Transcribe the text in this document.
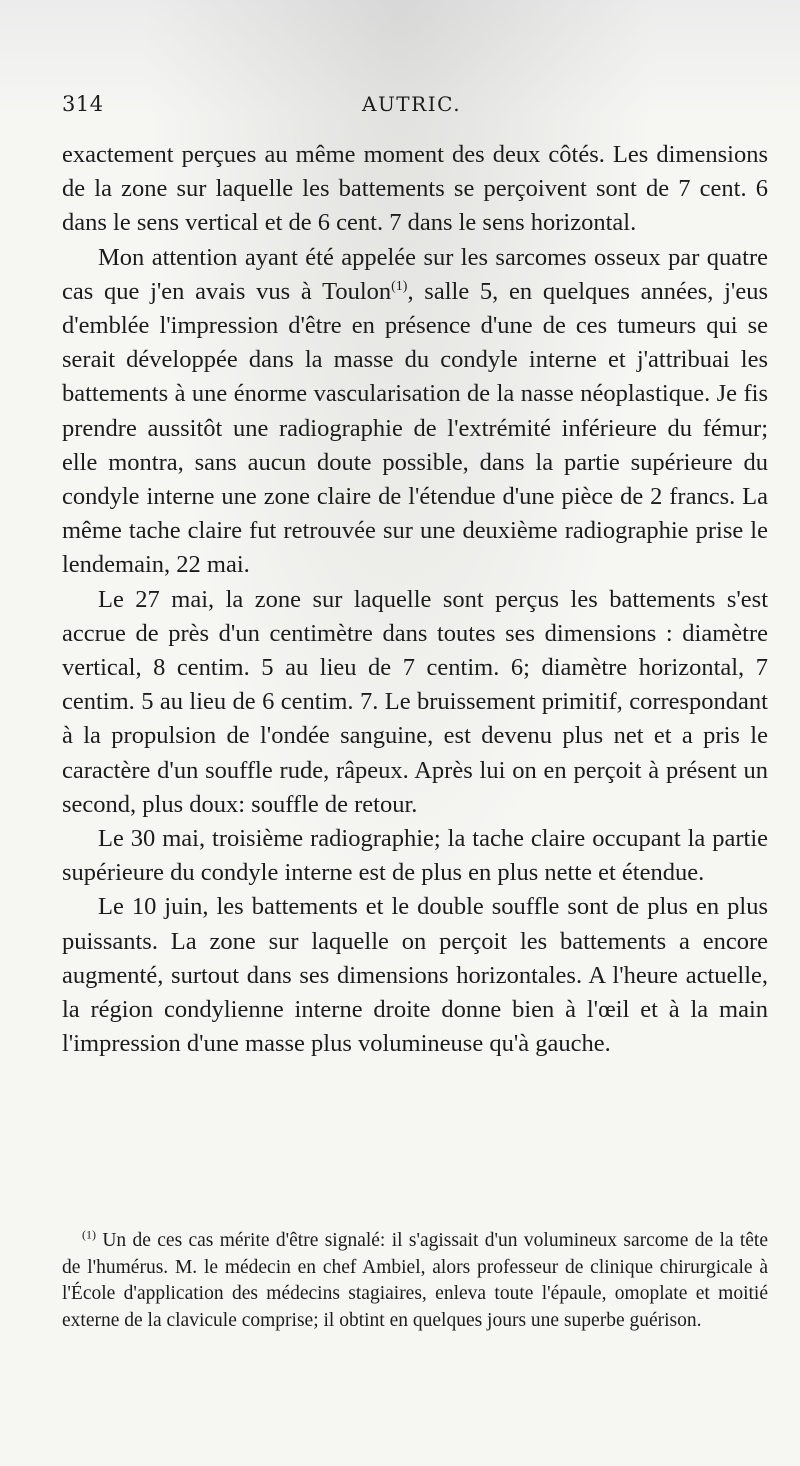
314	AUTRIC.

exactement perçues au même moment des deux côtés. Les dimensions de la zone sur laquelle les battements se perçoivent sont de 7 cent. 6 dans le sens vertical et de 6 cent. 7 dans le sens horizontal.

Mon attention ayant été appelée sur les sarcomes osseux par quatre cas que j'en avais vus à Toulon$^{(1)}$, salle 5, en quelques années, j'eus d'emblée l'impression d'être en présence d'une de ces tumeurs qui se serait développée dans la masse du condyle interne et j'attribuai les battements à une énorme vascularisation de la nasse néoplastique. Je fis prendre aussitôt une radiographie de l'extrémité inférieure du fémur; elle montra, sans aucun doute possible, dans la partie supérieure du condyle interne une zone claire de l'étendue d'une pièce de 2 francs. La même tache claire fut retrouvée sur une deuxième radiographie prise le lendemain, 22 mai.

Le 27 mai, la zone sur laquelle sont perçus les battements s'est accrue de près d'un centimètre dans toutes ses dimensions : diamètre vertical, 8 centim. 5 au lieu de 7 centim. 6; diamètre horizontal, 7 centim. 5 au lieu de 6 centim. 7. Le bruissement primitif, correspondant à la propulsion de l'ondée sanguine, est devenu plus net et a pris le caractère d'un souffle rude, râpeux. Après lui on en perçoit à présent un second, plus doux: souffle de retour.

Le 30 mai, troisième radiographie; la tache claire occupant la partie supérieure du condyle interne est de plus en plus nette et étendue.

Le 10 juin, les battements et le double souffle sont de plus en plus puissants. La zone sur laquelle on perçoit les battements a encore augmenté, surtout dans ses dimensions horizontales. A l'heure actuelle, la région condylienne interne droite donne bien à l'œil et à la main l'impression d'une masse plus volumineuse qu'à gauche.

$^{(1)}$ Un de ces cas mérite d'être signalé: il s'agissait d'un volumineux sarcome de la tête de l'humérus. M. le médecin en chef Ambiel, alors professeur de clinique chirurgicale à l'École d'application des médecins stagiaires, enleva toute l'épaule, omoplate et moitié externe de la clavicule comprise; il obtint en quelques jours une superbe guérison.
